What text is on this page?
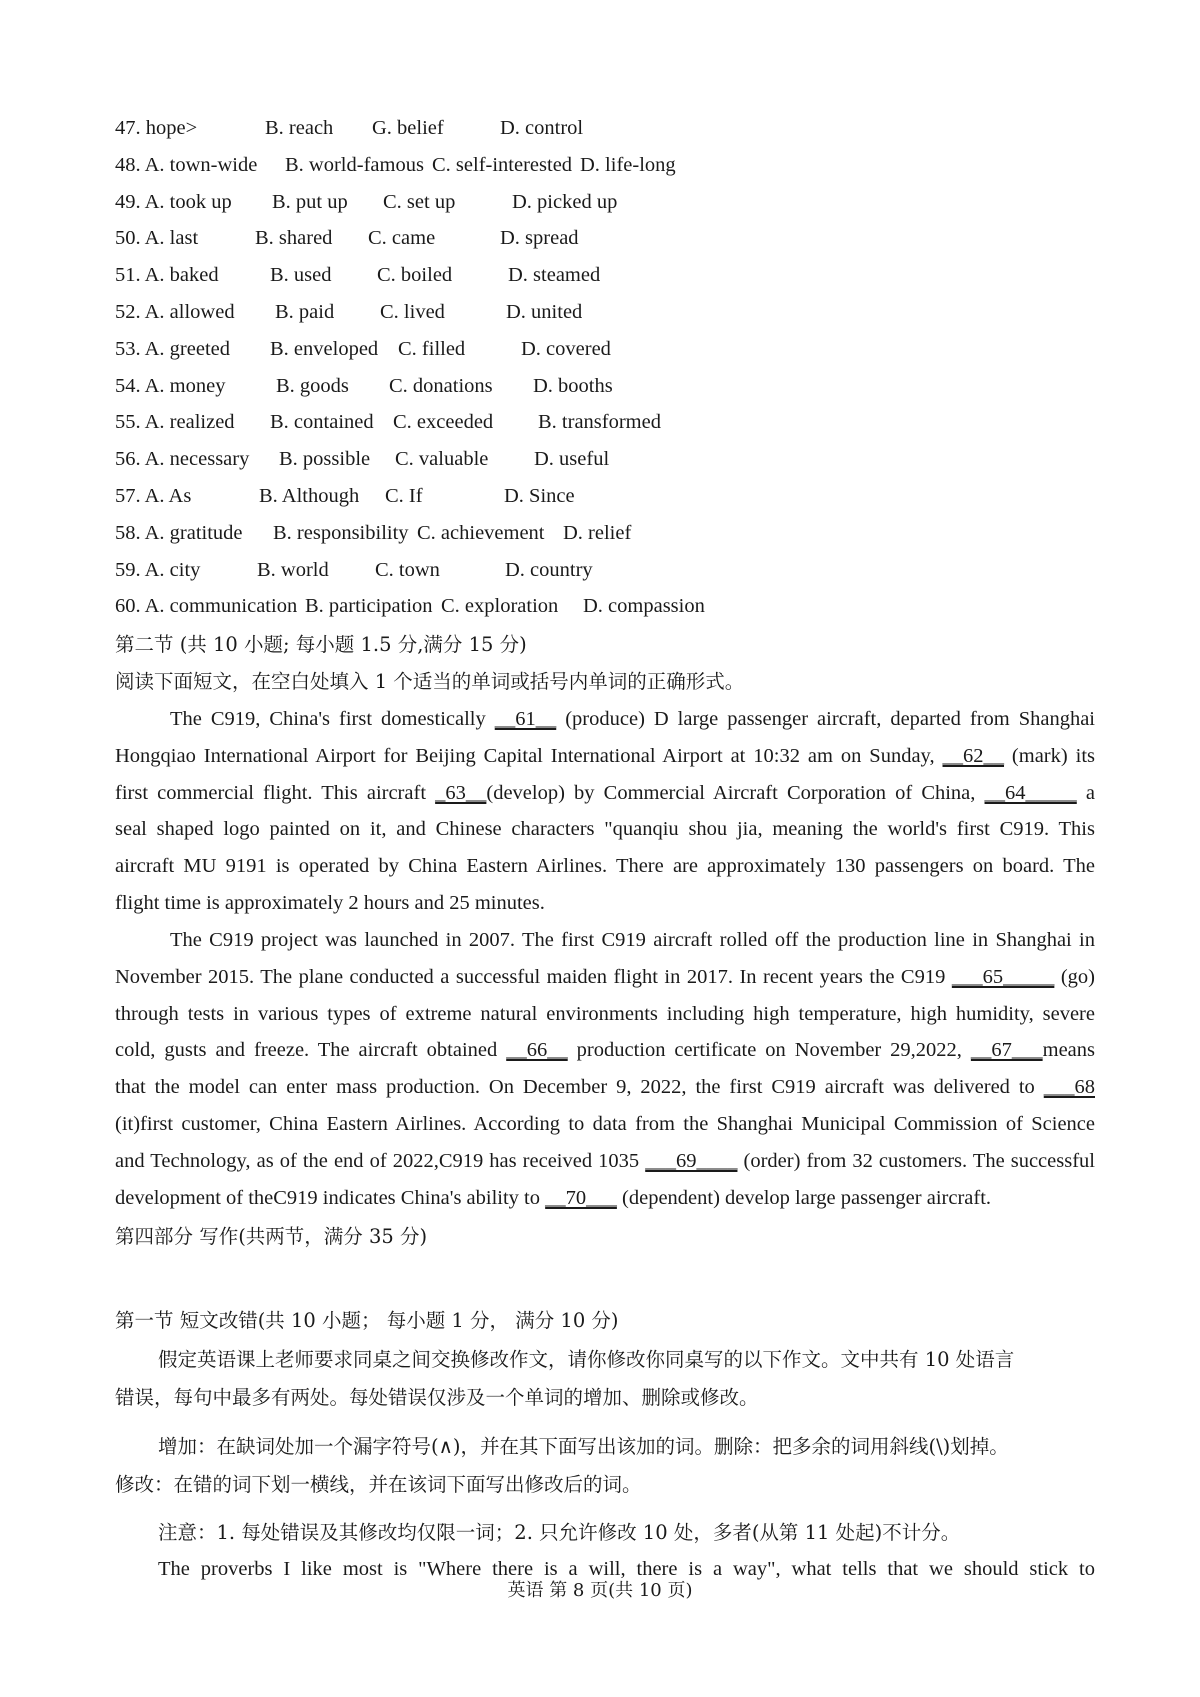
47. hope>	B. reach G. belief	D. control
48. A. town-wide B. world-famous C. self-interested D. life-long
49. A. took up B. put up C. set up	D. picked up
50. A. last	B. shared C. came	D. spread
51. A. baked	B. used C. boiled	D. steamed
52. A. allowed B. paid C. lived	D. united
53. A. greeted B. enveloped C. filled	D. covered
54. A. money B. goods C. donations D. booths
55. A. realized B. contained C. exceeded B. transformed
56. A. necessary B. possible C. valuable D. useful
57. A. As	B. Although C. If	D. Since
58. A. gratitude B. responsibility C. achievement D. relief
59. A. city	B. world C. town	D. country
60. A. communication B. participation C. exploration D. compassion
第二节 (共 10 小题; 每小题 1.5 分,满分 15 分)
阅读下面短文，在空白处填入 1 个适当的单词或括号内单词的正确形式。
The C919, China's first domestically __61__ (produce) D large passenger aircraft, departed from Shanghai
Hongqiao International Airport for Beijing Capital International Airport at 10:32 am on Sunday, __62__ (mark) its
first commercial flight. This aircraft _63__(develop) by Commercial Aircraft Corporation of China, __64_____ a
seal shaped logo painted on it, and Chinese characters "quanqiu shou jia, meaning the world's first C919. This
aircraft MU 9191 is operated by China Eastern Airlines. There are approximately 130 passengers on board. The
flight time is approximately 2 hours and 25 minutes.
The C919 project was launched in 2007. The first C919 aircraft rolled off the production line in Shanghai in
November 2015. The plane conducted a successful maiden flight in 2017. In recent years the C919 ___65_____ (go)
through tests in various types of extreme natural environments including high temperature, high humidity, severe
cold, gusts and freeze. The aircraft obtained __66__ production certificate on November 29,2022, __67___means
that the model can enter mass production. On December 9, 2022, the first C919 aircraft was delivered to ___68
(it)first customer, China Eastern Airlines. According to data from the Shanghai Municipal Commission of Science
and Technology, as of the end of 2022,C919 has received 1035 ___69____ (order) from 32 customers. The successful
development of theC919 indicates China's ability to __70___ (dependent) develop large passenger aircraft.
第四部分 写作(共两节，满分 35 分)
第一节 短文改错(共 10 小题； 每小题 1 分， 满分 10 分)
假定英语课上老师要求同桌之间交换修改作文，请你修改你同桌写的以下作文。文中共有 10 处语言
错误，每句中最多有两处。每处错误仅涉及一个单词的增加、删除或修改。
增加：在缺词处加一个漏字符号(∧)，并在其下面写出该加的词。删除：把多余的词用斜线(\)划掉。
修改：在错的词下划一横线，并在该词下面写出修改后的词。
注意：1. 每处错误及其修改均仅限一词；2. 只允许修改 10 处，多者(从第 11 处起)不计分。
The proverbs I like most is "Where there is a will, there is a way", what tells that we should stick to
英语 第 8 页(共 10 页)
